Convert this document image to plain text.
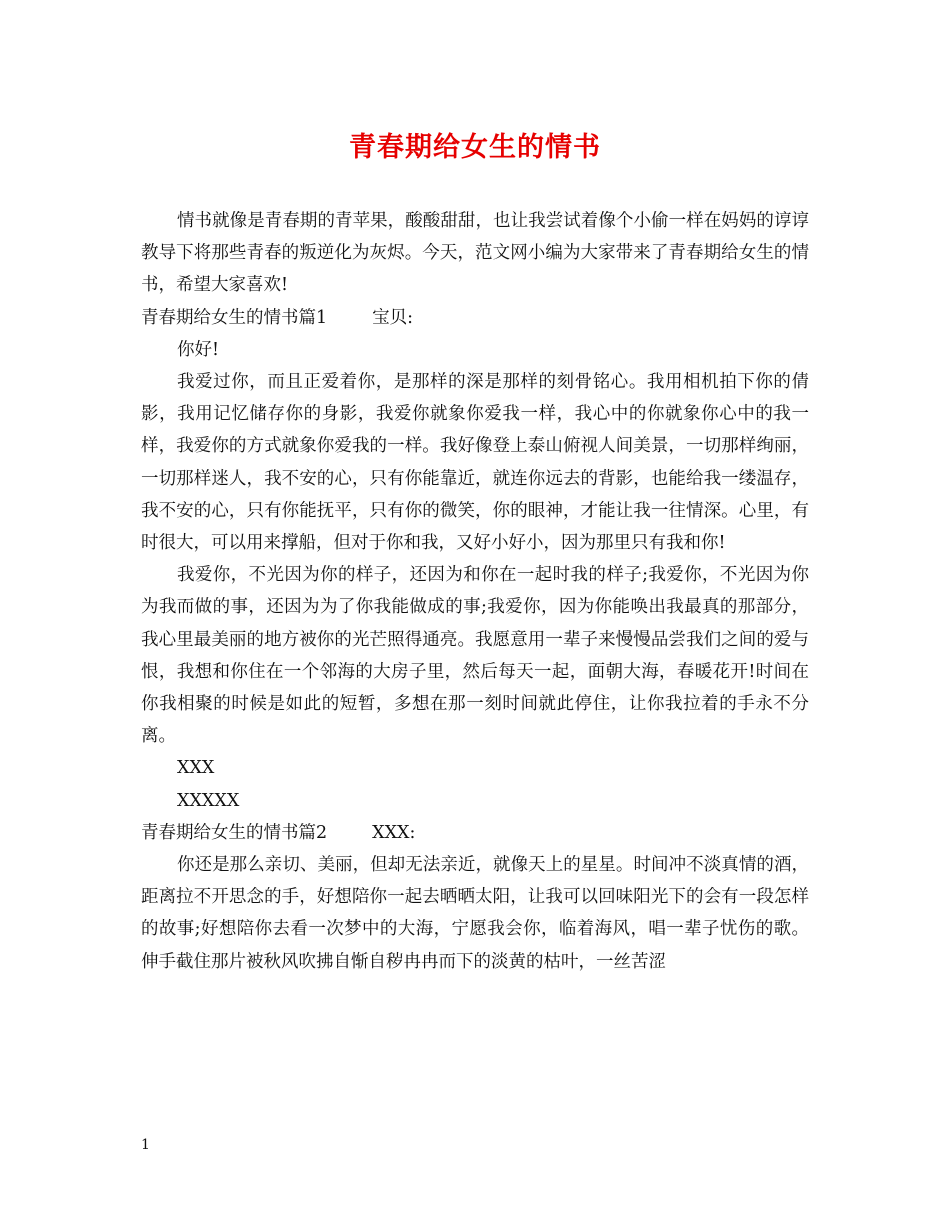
青春期给女生的情书

情书就像是青春期的青苹果，酸酸甜甜，也让我尝试着像个小偷一样在妈妈的谆谆教导下将那些青春的叛逆化为灰烬。今天，范文网小编为大家带来了青春期给女生的情书，希望大家喜欢!

青春期给女生的情书篇1	宝贝:

你好!

我爱过你，而且正爱着你，是那样的深是那样的刻骨铭心。我用相机拍下你的倩影，我用记忆储存你的身影，我爱你就象你爱我一样，我心中的你就象你心中的我一样，我爱你的方式就象你爱我的一样。我好像登上泰山俯视人间美景，一切那样绚丽，一切那样迷人，我不安的心，只有你能靠近，就连你远去的背影，也能给我一缕温存，我不安的心，只有你能抚平，只有你的微笑，你的眼神，才能让我一往情深。心里，有时很大，可以用来撑船，但对于你和我，又好小好小，因为那里只有我和你!

我爱你，不光因为你的样子，还因为和你在一起时我的样子;我爱你，不光因为你为我而做的事，还因为为了你我能做成的事;我爱你，因为你能唤出我最真的那部分，我心里最美丽的地方被你的光芒照得通亮。我愿意用一辈子来慢慢品尝我们之间的爱与恨，我想和你住在一个邻海的大房子里，然后每天一起，面朝大海，春暖花开!时间在你我相聚的时候是如此的短暂，多想在那一刻时间就此停住，让你我拉着的手永不分离。

XXX

XXXXX

青春期给女生的情书篇2	XXX:

你还是那么亲切、美丽，但却无法亲近，就像天上的星星。时间冲不淡真情的酒，距离拉不开思念的手，好想陪你一起去晒晒太阳，让我可以回味阳光下的会有一段怎样的故事;好想陪你去看一次梦中的大海，宁愿我会你，临着海风，唱一辈子忧伤的歌。伸手截住那片被秋风吹拂自惭自秽冉冉而下的淡黄的枯叶，一丝苦涩

1
